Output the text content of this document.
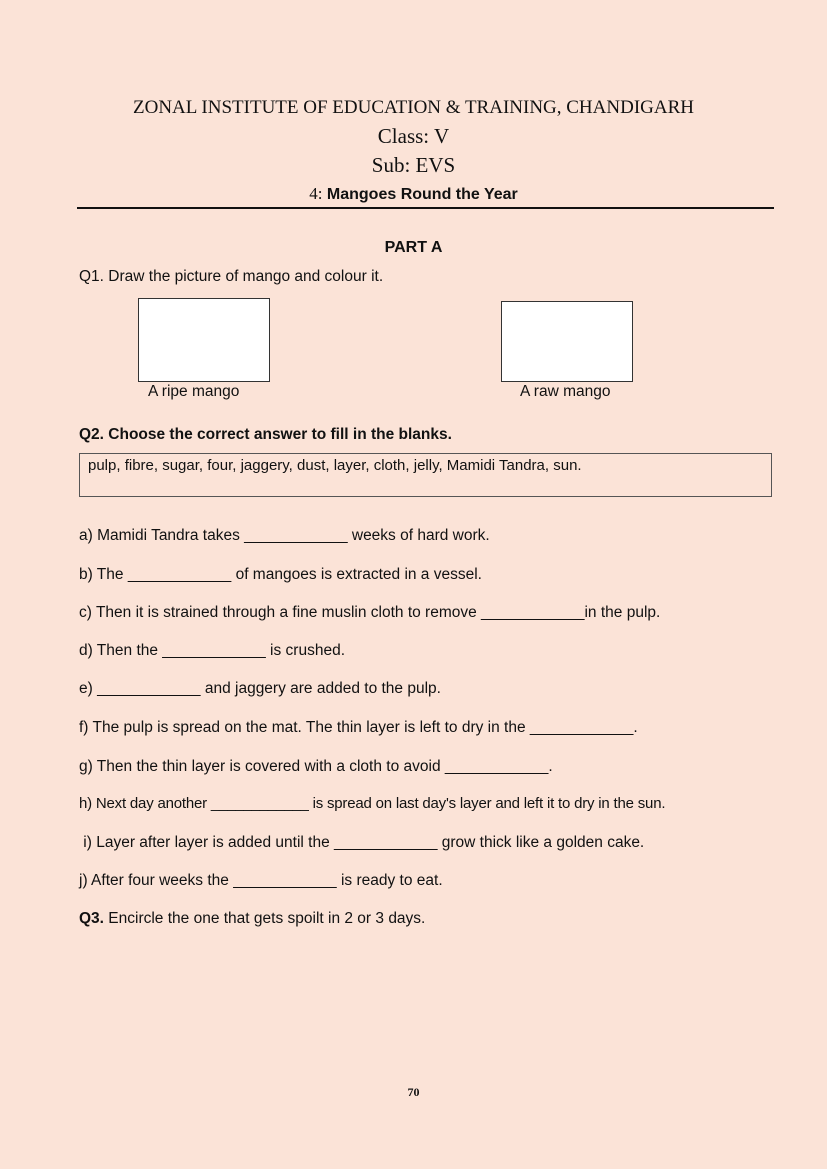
ZONAL INSTITUTE OF EDUCATION & TRAINING, CHANDIGARH
Class: V
Sub: EVS
4: Mangoes Round the Year
PART A
Q1. Draw the picture of mango and colour it.
A ripe mango	A raw mango
Q2. Choose the correct answer to fill in the blanks.
pulp, fibre, sugar, four, jaggery, dust, layer, cloth, jelly, Mamidi Tandra, sun.
a) Mamidi Tandra takes ____________ weeks of hard work.
b) The ____________ of mangoes is extracted in a vessel.
c) Then it is strained through a fine muslin cloth to remove ____________in the pulp.
d) Then the ____________ is crushed.
e) ____________ and jaggery are added to the pulp.
f) The pulp is spread on the mat. The thin layer is left to dry in the ____________.
g) Then the thin layer is covered with a cloth to avoid ____________.
h) Next day another ____________ is spread on last day's layer and left it to dry in the sun.
i) Layer after layer is added until the ____________ grow thick like a golden cake.
j) After four weeks the ____________ is ready to eat.
Q3. Encircle the one that gets spoilt in 2 or 3 days.
70
